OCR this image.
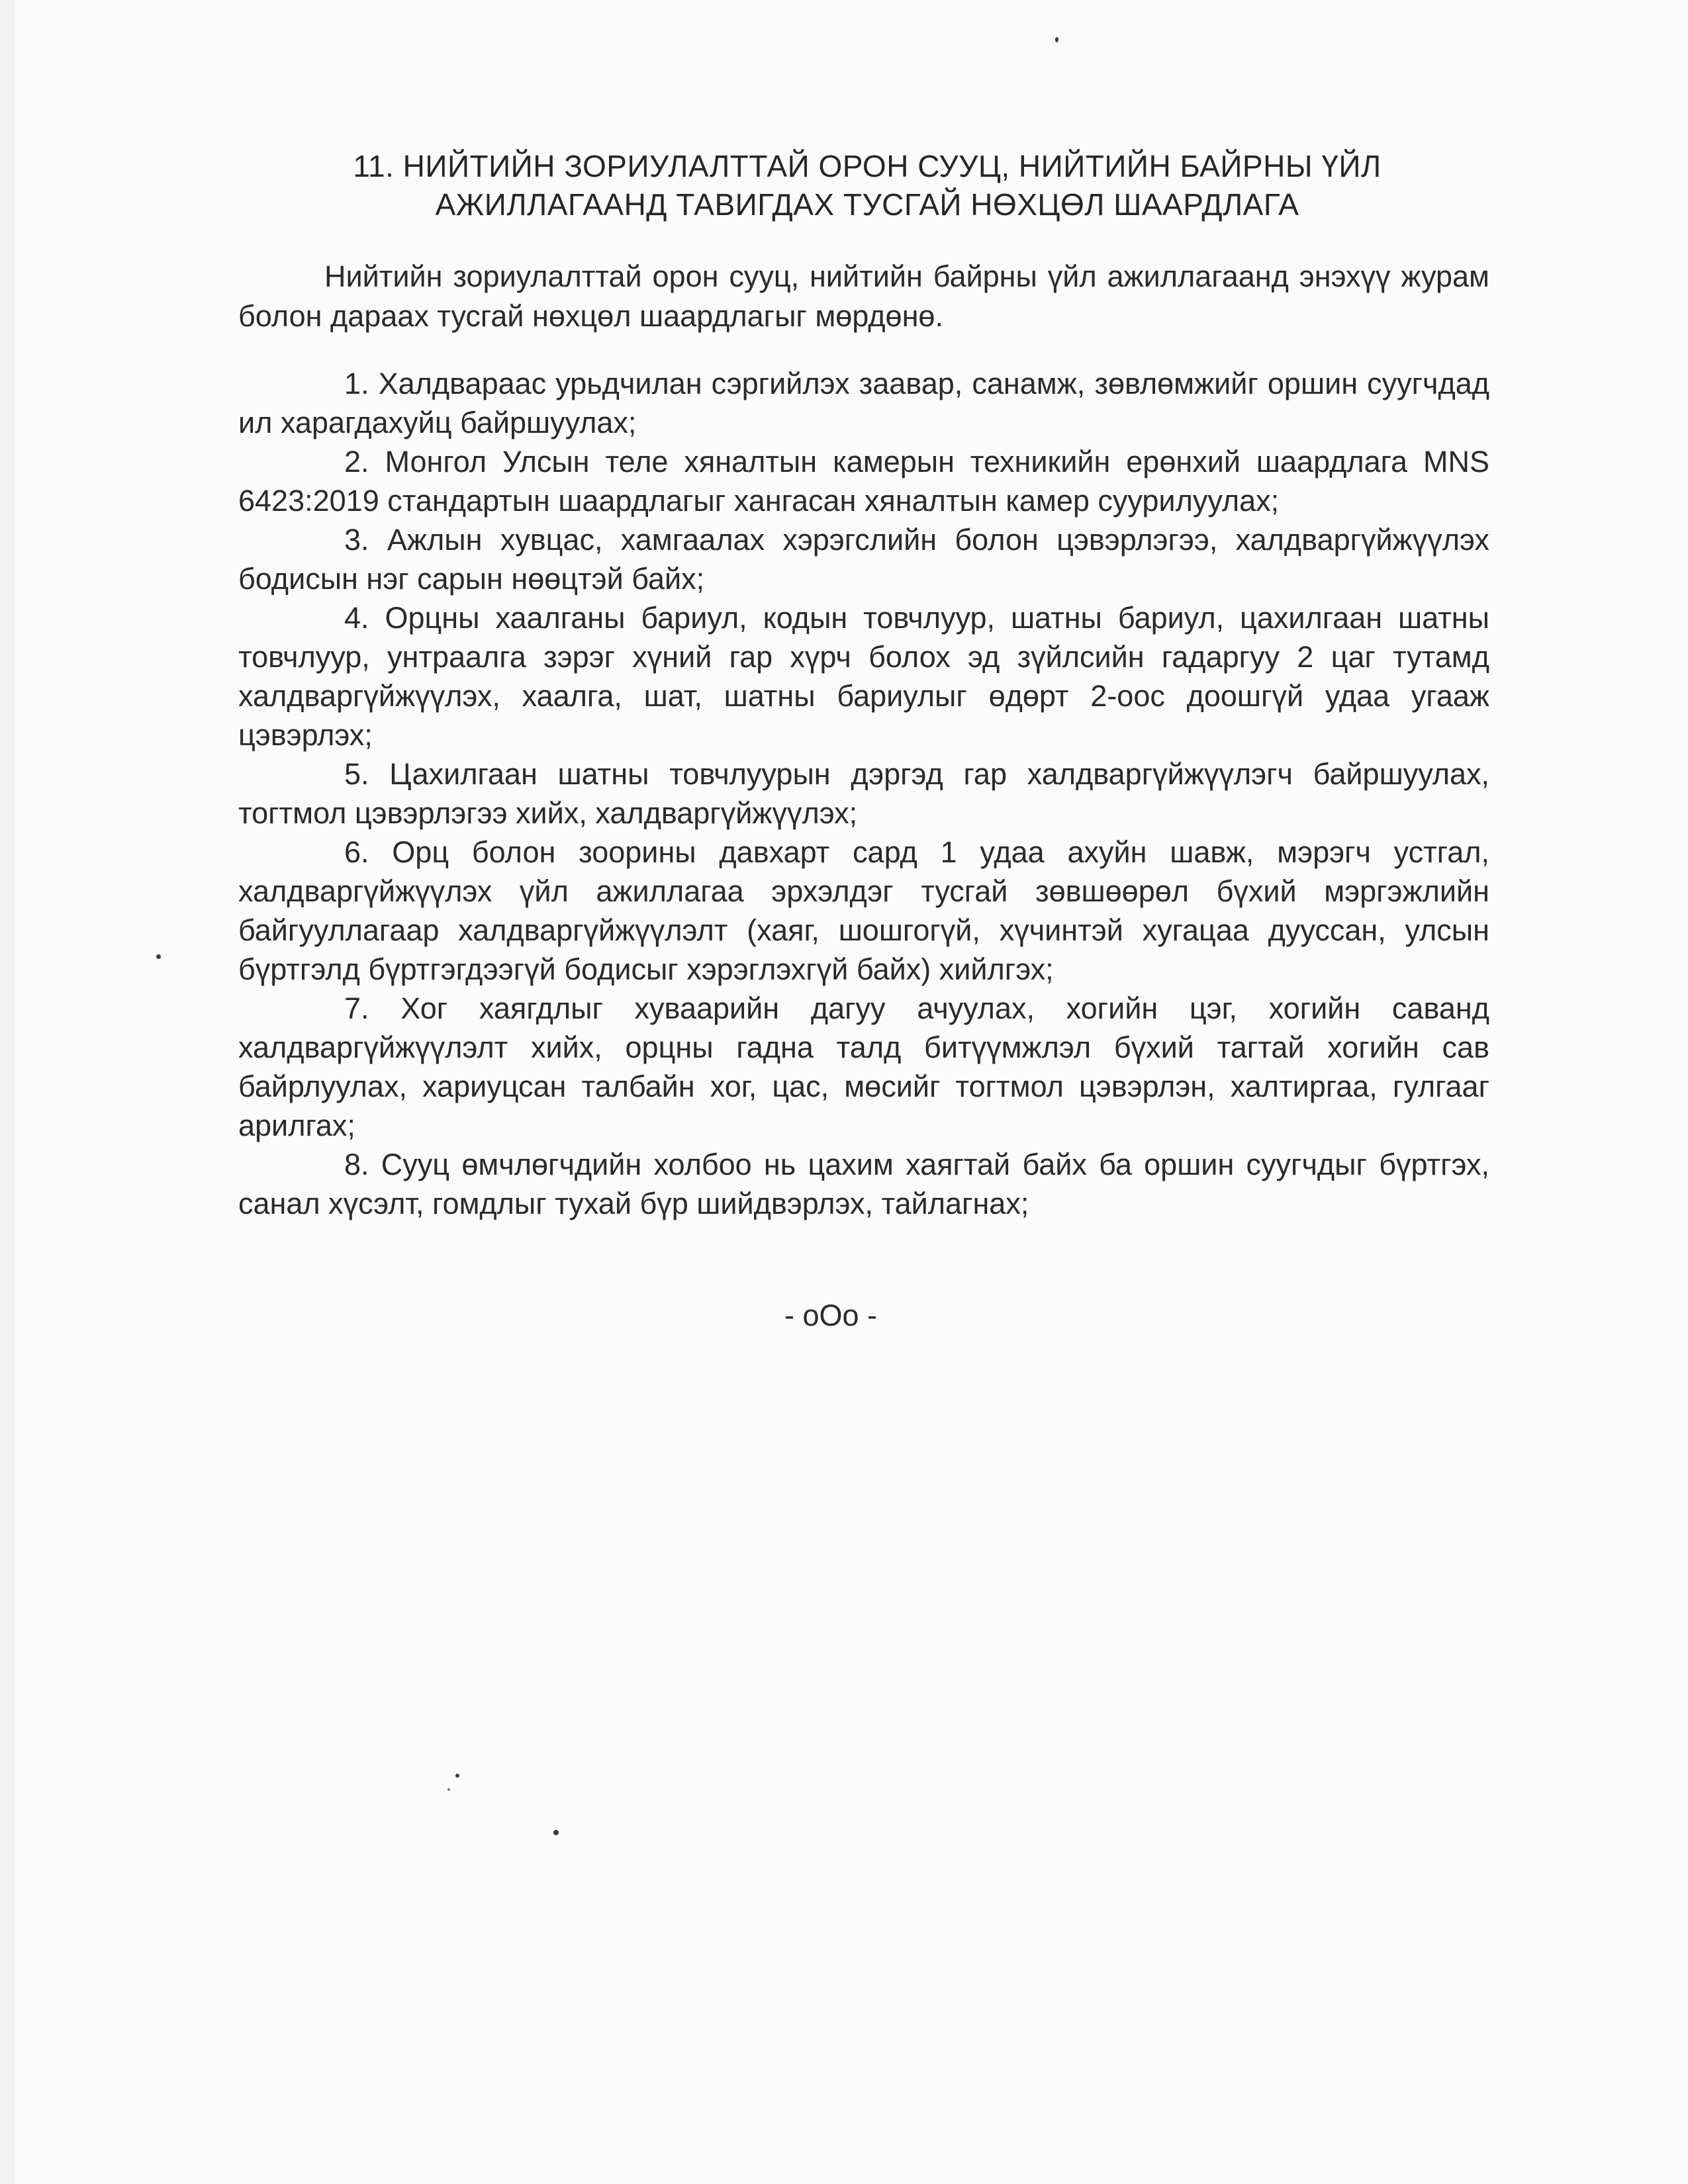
11. НИЙТИЙН ЗОРИУЛАЛТТАЙ ОРОН СУУЦ, НИЙТИЙН БАЙРНЫ ҮЙЛ
АЖИЛЛАГААНД ТАВИГДАХ ТУСГАЙ НӨХЦӨЛ ШААРДЛАГА

Нийтийн зориулалттай орон сууц, нийтийн байрны үйл ажиллагаанд энэхүү журам болон дараах тусгай нөхцөл шаардлагыг мөрдөнө.

1. Халдвараас урьдчилан сэргийлэх заавар, санамж, зөвлөмжийг оршин суугчдад ил харагдахуйц байршуулах;
2. Монгол Улсын теле хяналтын камерын техникийн ерөнхий шаардлага MNS 6423:2019 стандартын шаардлагыг хангасан хяналтын камер суурилуулах;
3. Ажлын хувцас, хамгаалах хэрэгслийн болон цэвэрлэгээ, халдваргүйжүүлэх бодисын нэг сарын нөөцтэй байх;
4. Орцны хаалганы бариул, кодын товчлуур, шатны бариул, цахилгаан шатны товчлуур, унтраалга зэрэг хүний гар хүрч болох эд зүйлсийн гадаргуу 2 цаг тутамд халдваргүйжүүлэх, хаалга, шат, шатны бариулыг өдөрт 2-оос доошгүй удаа угааж цэвэрлэх;
5. Цахилгаан шатны товчлуурын дэргэд гар халдваргүйжүүлэгч байршуулах, тогтмол цэвэрлэгээ хийх, халдваргүйжүүлэх;
6. Орц болон зоорины давхарт сард 1 удаа ахуйн шавж, мэрэгч устгал, халдваргүйжүүлэх үйл ажиллагаа эрхэлдэг тусгай зөвшөөрөл бүхий мэргэжлийн байгууллагаар халдваргүйжүүлэлт (хаяг, шошгогүй, хүчинтэй хугацаа дууссан, улсын бүртгэлд бүртгэгдээгүй бодисыг хэрэглэхгүй байх) хийлгэх;
7. Хог хаягдлыг хуваарийн дагуу ачуулах, хогийн цэг, хогийн саванд халдваргүйжүүлэлт хийх, орцны гадна талд битүүмжлэл бүхий тагтай хогийн сав байрлуулах, хариуцсан талбайн хог, цас, мөсийг тогтмол цэвэрлэн, халтиргаа, гулгааг арилгах;
8. Сууц өмчлөгчдийн холбоо нь цахим хаягтай байх ба оршин суугчдыг бүртгэх, санал хүсэлт, гомдлыг тухай бүр шийдвэрлэх, тайлагнах;
- оОо -
